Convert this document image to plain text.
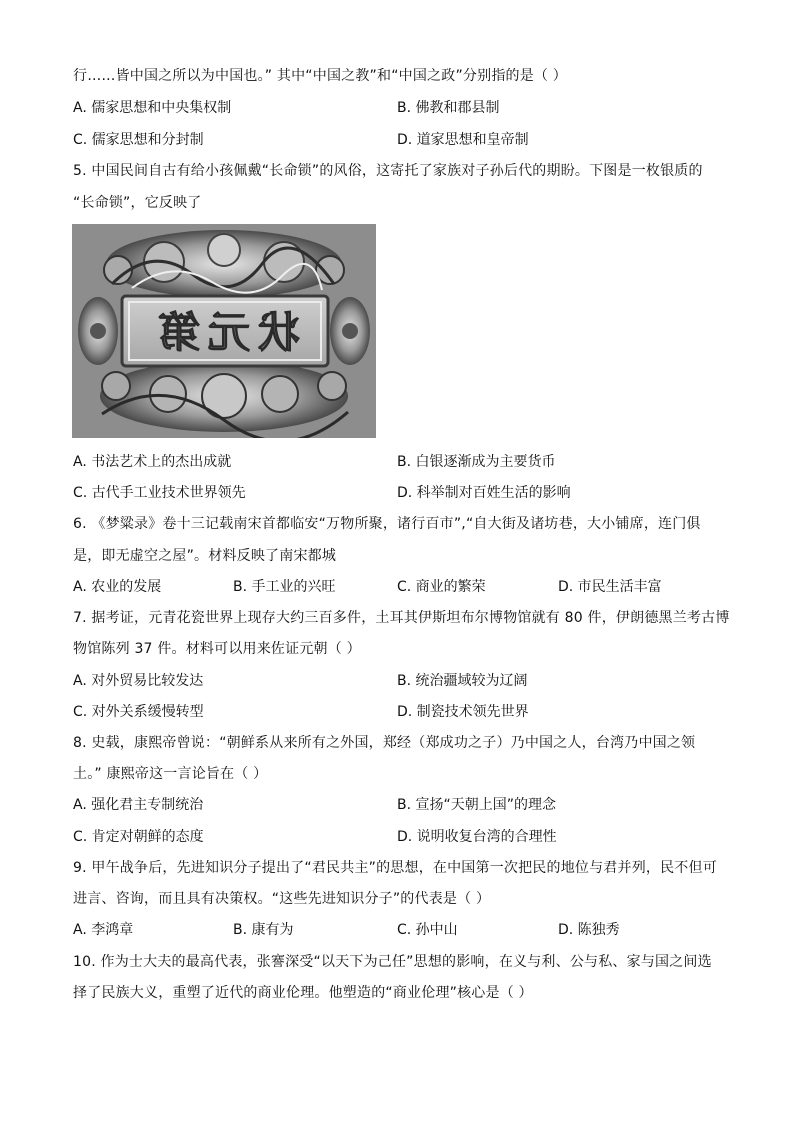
行……皆中国之所以为中国也。” 其中“中国之教”和“中国之政”分别指的是（ ）
A. 儒家思想和中央集权制	B. 佛教和郡县制
C. 儒家思想和分封制	D. 道家思想和皇帝制
5. 中国民间自古有给小孩佩戴“长命锁”的风俗，这寄托了家族对子孙后代的期盼。下图是一枚银质的
“长命锁”，它反映了
状元第
A. 书法艺术上的杰出成就	B. 白银逐渐成为主要货币
C. 古代手工业技术世界领先	D. 科举制对百姓生活的影响
6. 《梦粱录》卷十三记载南宋首都临安“万物所聚，诸行百市”,“自大街及诸坊巷，大小铺席，连门俱
是，即无虚空之屋”。材料反映了南宋都城
A. 农业的发展	B. 手工业的兴旺	C. 商业的繁荣	D. 市民生活丰富
7. 据考证，元青花瓷世界上现存大约三百多件，土耳其伊斯坦布尔博物馆就有 80 件，伊朗德黑兰考古博
物馆陈列 37 件。材料可以用来佐证元朝（ ）
A. 对外贸易比较发达	B. 统治疆域较为辽阔
C. 对外关系缓慢转型	D. 制瓷技术领先世界
8. 史载，康熙帝曾说：“朝鲜系从来所有之外国，郑经（郑成功之子）乃中国之人，台湾乃中国之领
土。” 康熙帝这一言论旨在（ ）
A. 强化君主专制统治	B. 宣扬“天朝上国”的理念
C. 肯定对朝鲜的态度	D. 说明收复台湾的合理性
9. 甲午战争后，先进知识分子提出了“君民共主”的思想，在中国第一次把民的地位与君并列，民不但可
进言、咨询，而且具有决策权。“这些先进知识分子”的代表是（ ）
A. 李鸿章	B. 康有为	C. 孙中山	D. 陈独秀
10. 作为士大夫的最高代表，张謇深受“以天下为己任”思想的影响，在义与利、公与私、家与国之间选
择了民族大义，重塑了近代的商业伦理。他塑造的“商业伦理”核心是（ ）
